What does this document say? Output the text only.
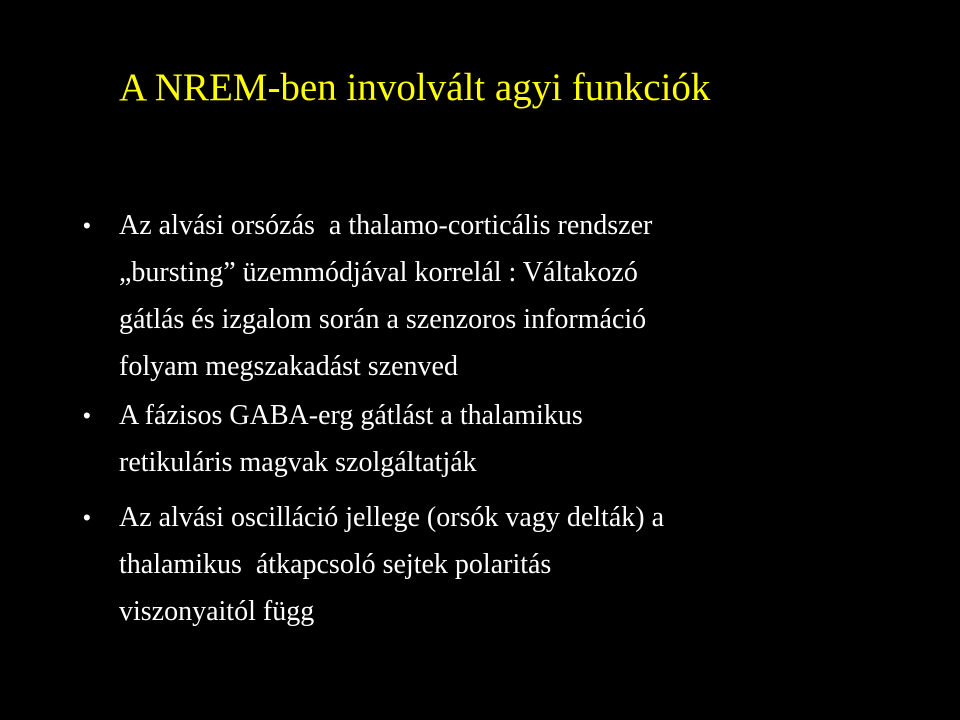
A NREM-ben involvált agyi funkciók
• Az alvási orsózás  a thalamo-corticális rendszer
„bursting” üzemmódjával korrelál : Váltakozó
gátlás és izgalom során a szenzoros információ
folyam megszakadást szenved
• A fázisos GABA-erg gátlást a thalamikus
retikuláris magvak szolgáltatják
• Az alvási oscilláció jellege (orsók vagy delták) a
thalamikus  átkapcsoló sejtek polaritás
viszonyaitól függ
